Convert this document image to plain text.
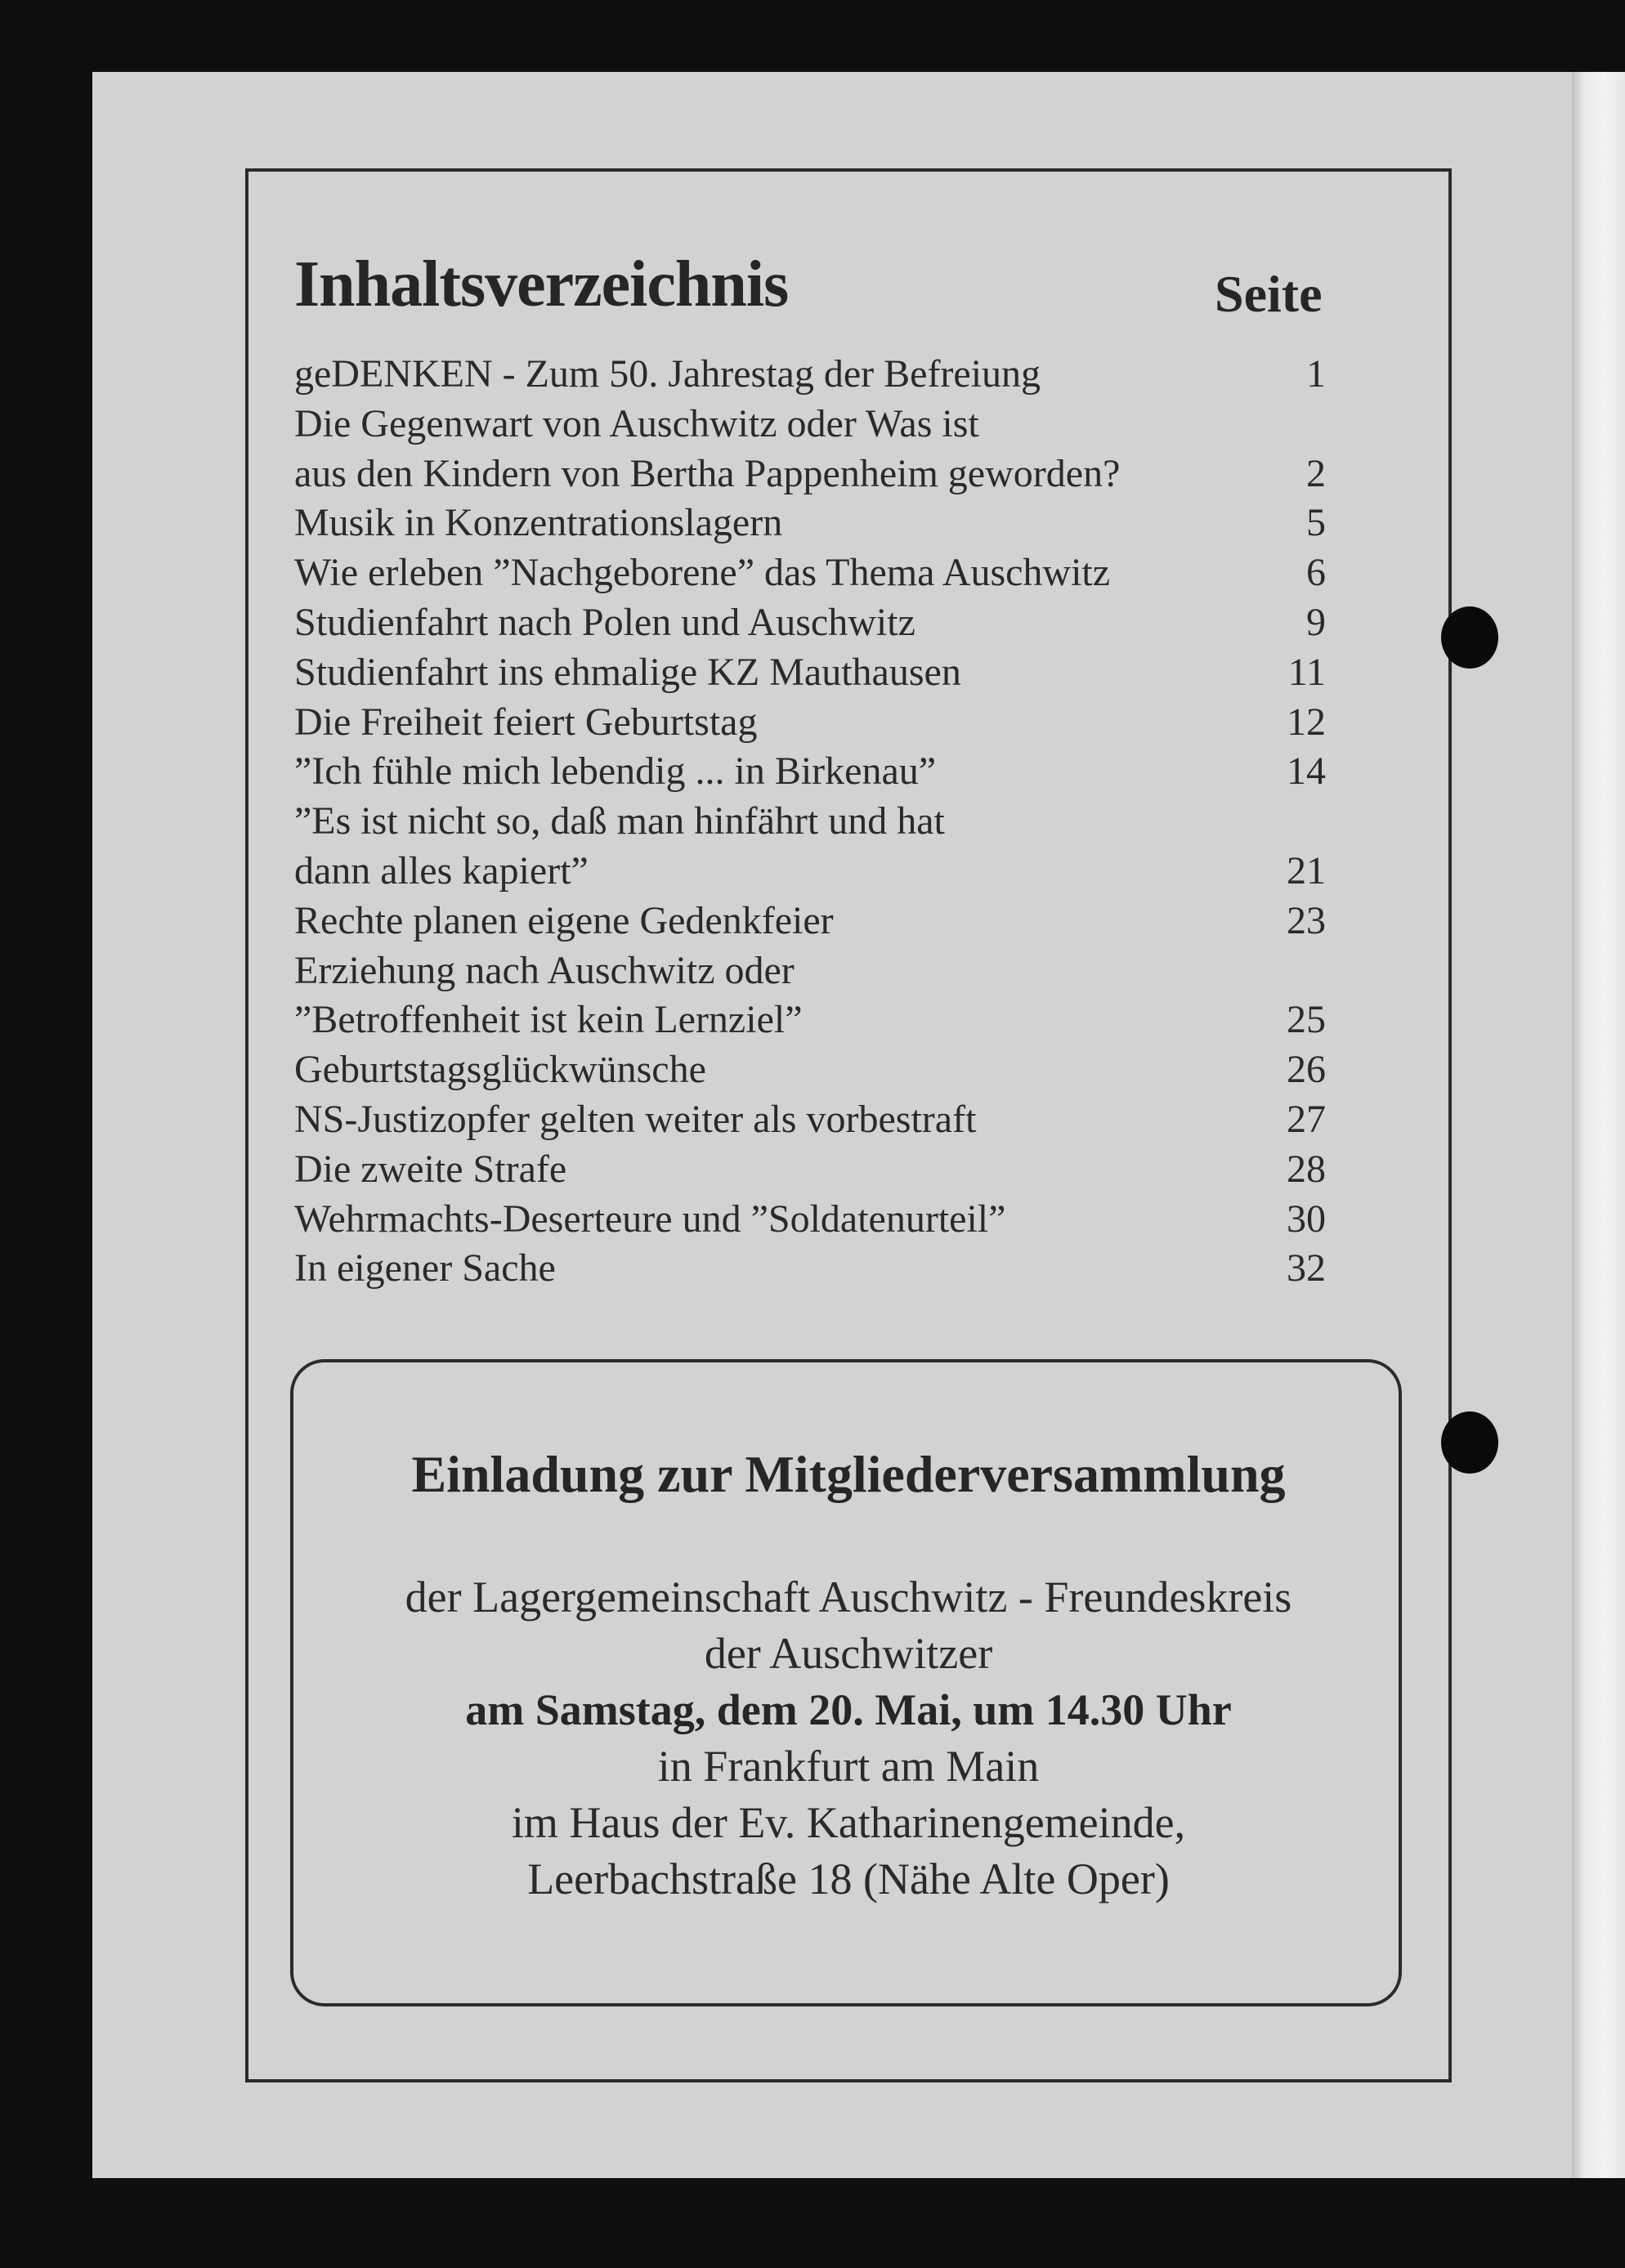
Inhaltsverzeichnis	Seite
geDENKEN - Zum 50. Jahrestag der Befreiung	1
Die Gegenwart von Auschwitz oder Was ist
aus den Kindern von Bertha Pappenheim geworden?	2
Musik in Konzentrationslagern	5
Wie erleben ”Nachgeborene” das Thema Auschwitz	6
Studienfahrt nach Polen und Auschwitz	9
Studienfahrt ins ehmalige KZ Mauthausen	11
Die Freiheit feiert Geburtstag	12
”Ich fühle mich lebendig ... in Birkenau”	14
”Es ist nicht so, daß man hinfährt und hat
dann alles kapiert”	21
Rechte planen eigene Gedenkfeier	23
Erziehung nach Auschwitz oder
”Betroffenheit ist kein Lernziel”	25
Geburtstagsglückwünsche	26
NS-Justizopfer gelten weiter als vorbestraft	27
Die zweite Strafe	28
Wehrmachts-Deserteure und ”Soldatenurteil”	30
In eigener Sache	32
Einladung zur Mitgliederversammlung
der Lagergemeinschaft Auschwitz - Freundeskreis
der Auschwitzer
am Samstag, dem 20. Mai, um 14.30 Uhr
in Frankfurt am Main
im Haus der Ev. Katharinengemeinde,
Leerbachstraße 18 (Nähe Alte Oper)
